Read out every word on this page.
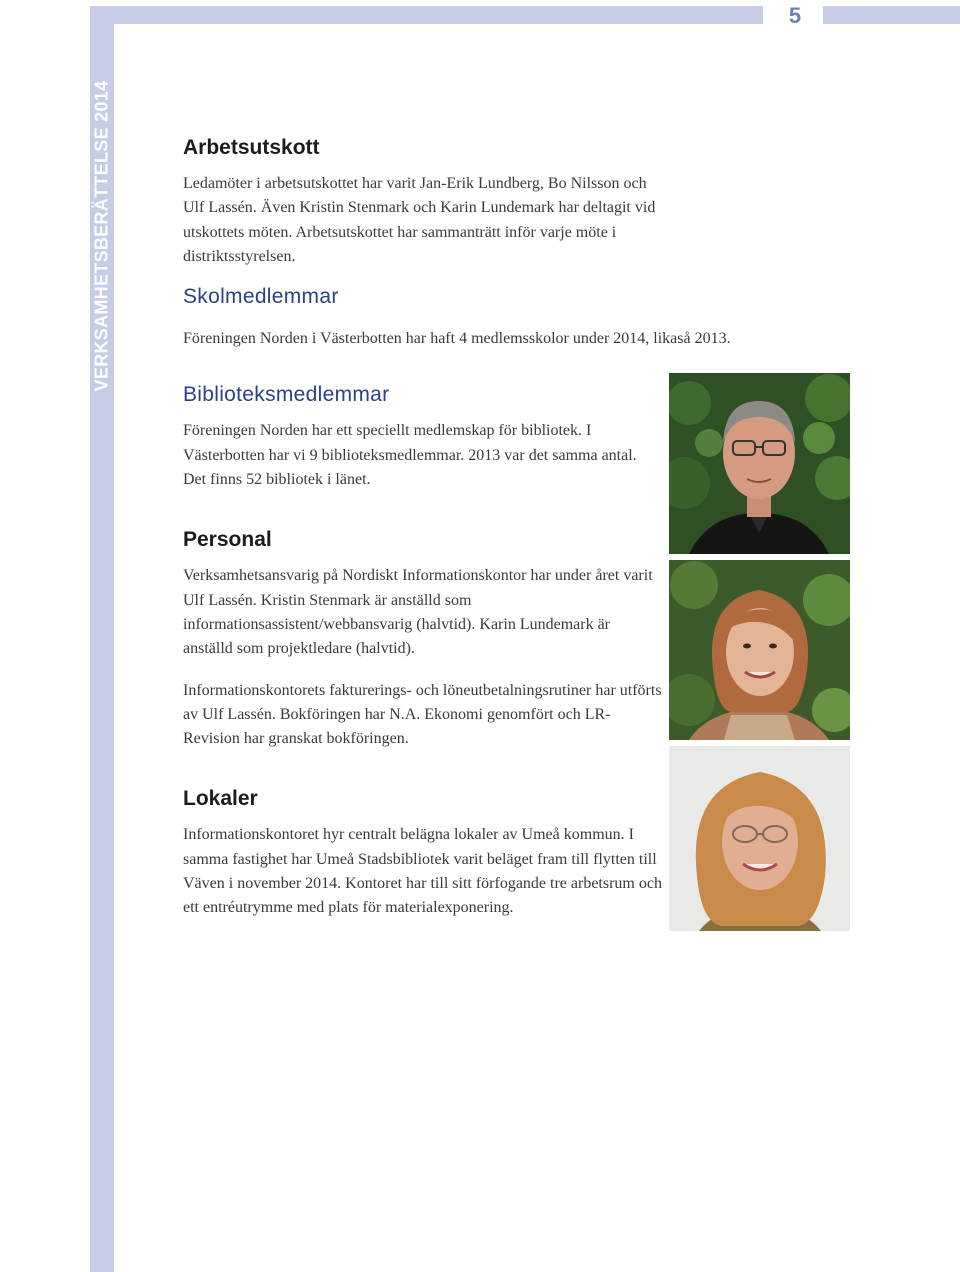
5
VERKSAMHETSBERÄTTELSE 2014	Arbetsutskott

Ledamöter i arbetsutskottet har varit Jan-Erik Lundberg, Bo Nilsson och Ulf Lassén. Även Kristin Stenmark och Karin Lundemark har deltagit vid utskottets möten. Arbetsutskottet har sammanträtt inför varje möte i distriktsstyrelsen.

Skolmedlemmar

Föreningen Norden i Västerbotten har haft 4 medlemsskolor under 2014, likaså 2013.

Biblioteksmedlemmar

Föreningen Norden har ett speciellt medlemskap för bibliotek. I Västerbotten har vi 9 biblioteksmedlemmar. 2013 var det samma antal. Det finns 52 bibliotek i länet.

Personal

Verksamhetsansvarig på Nordiskt Informationskontor har under året varit Ulf Lassén. Kristin Stenmark är anställd som informationsassistent/webbansvarig (halvtid). Karin Lundemark är anställd som projektledare (halvtid).

Informationskontorets fakturerings- och löneutbetalningsrutiner har utförts av Ulf Lassén. Bokföringen har N.A. Ekonomi genomfört och LR-Revision har granskat bokföringen.

Lokaler

Informationskontoret hyr centralt belägna lokaler av Umeå kommun. I samma fastighet har Umeå Stadsbibliotek varit beläget fram till flytten till Väven i november 2014. Kontoret har till sitt förfogande tre arbetsrum och ett entréutrymme med plats för materialexponering.
